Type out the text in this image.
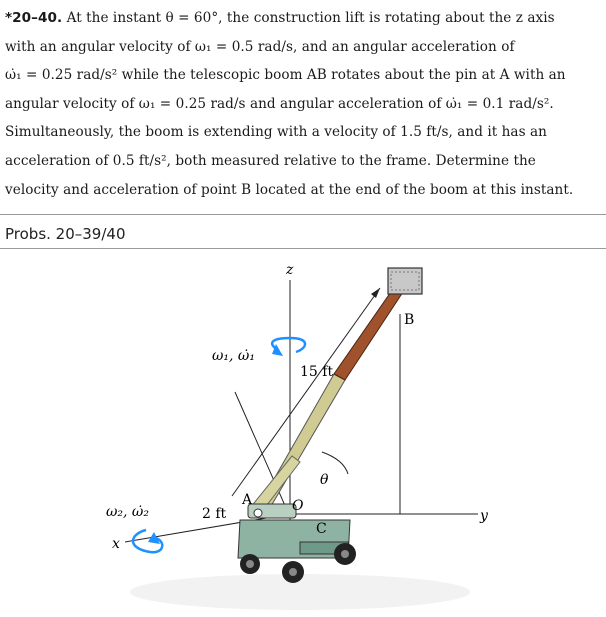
*20–40. At the instant θ = 60°, the construction lift is rotating about the z axis
with an angular velocity of ω₁ = 0.5 rad/s, and an angular acceleration of
ω̇₁ = 0.25 rad/s² while the telescopic boom AB rotates about the pin at A with an
angular velocity of ω₁ = 0.25 rad/s and angular acceleration of ω̇₁ = 0.1 rad/s².
Simultaneously, the boom is extending with a velocity of 1.5 ft/s, and it has an
acceleration of 0.5 ft/s², both measured relative to the frame. Determine the
velocity and acceleration of point B located at the end of the boom at this instant.
Probs. 20–39/40
z
ω₁, ω̇₁
15 ft
B
θ
A	O
C
y
x
ω₂, ω̇₂	2 ft
